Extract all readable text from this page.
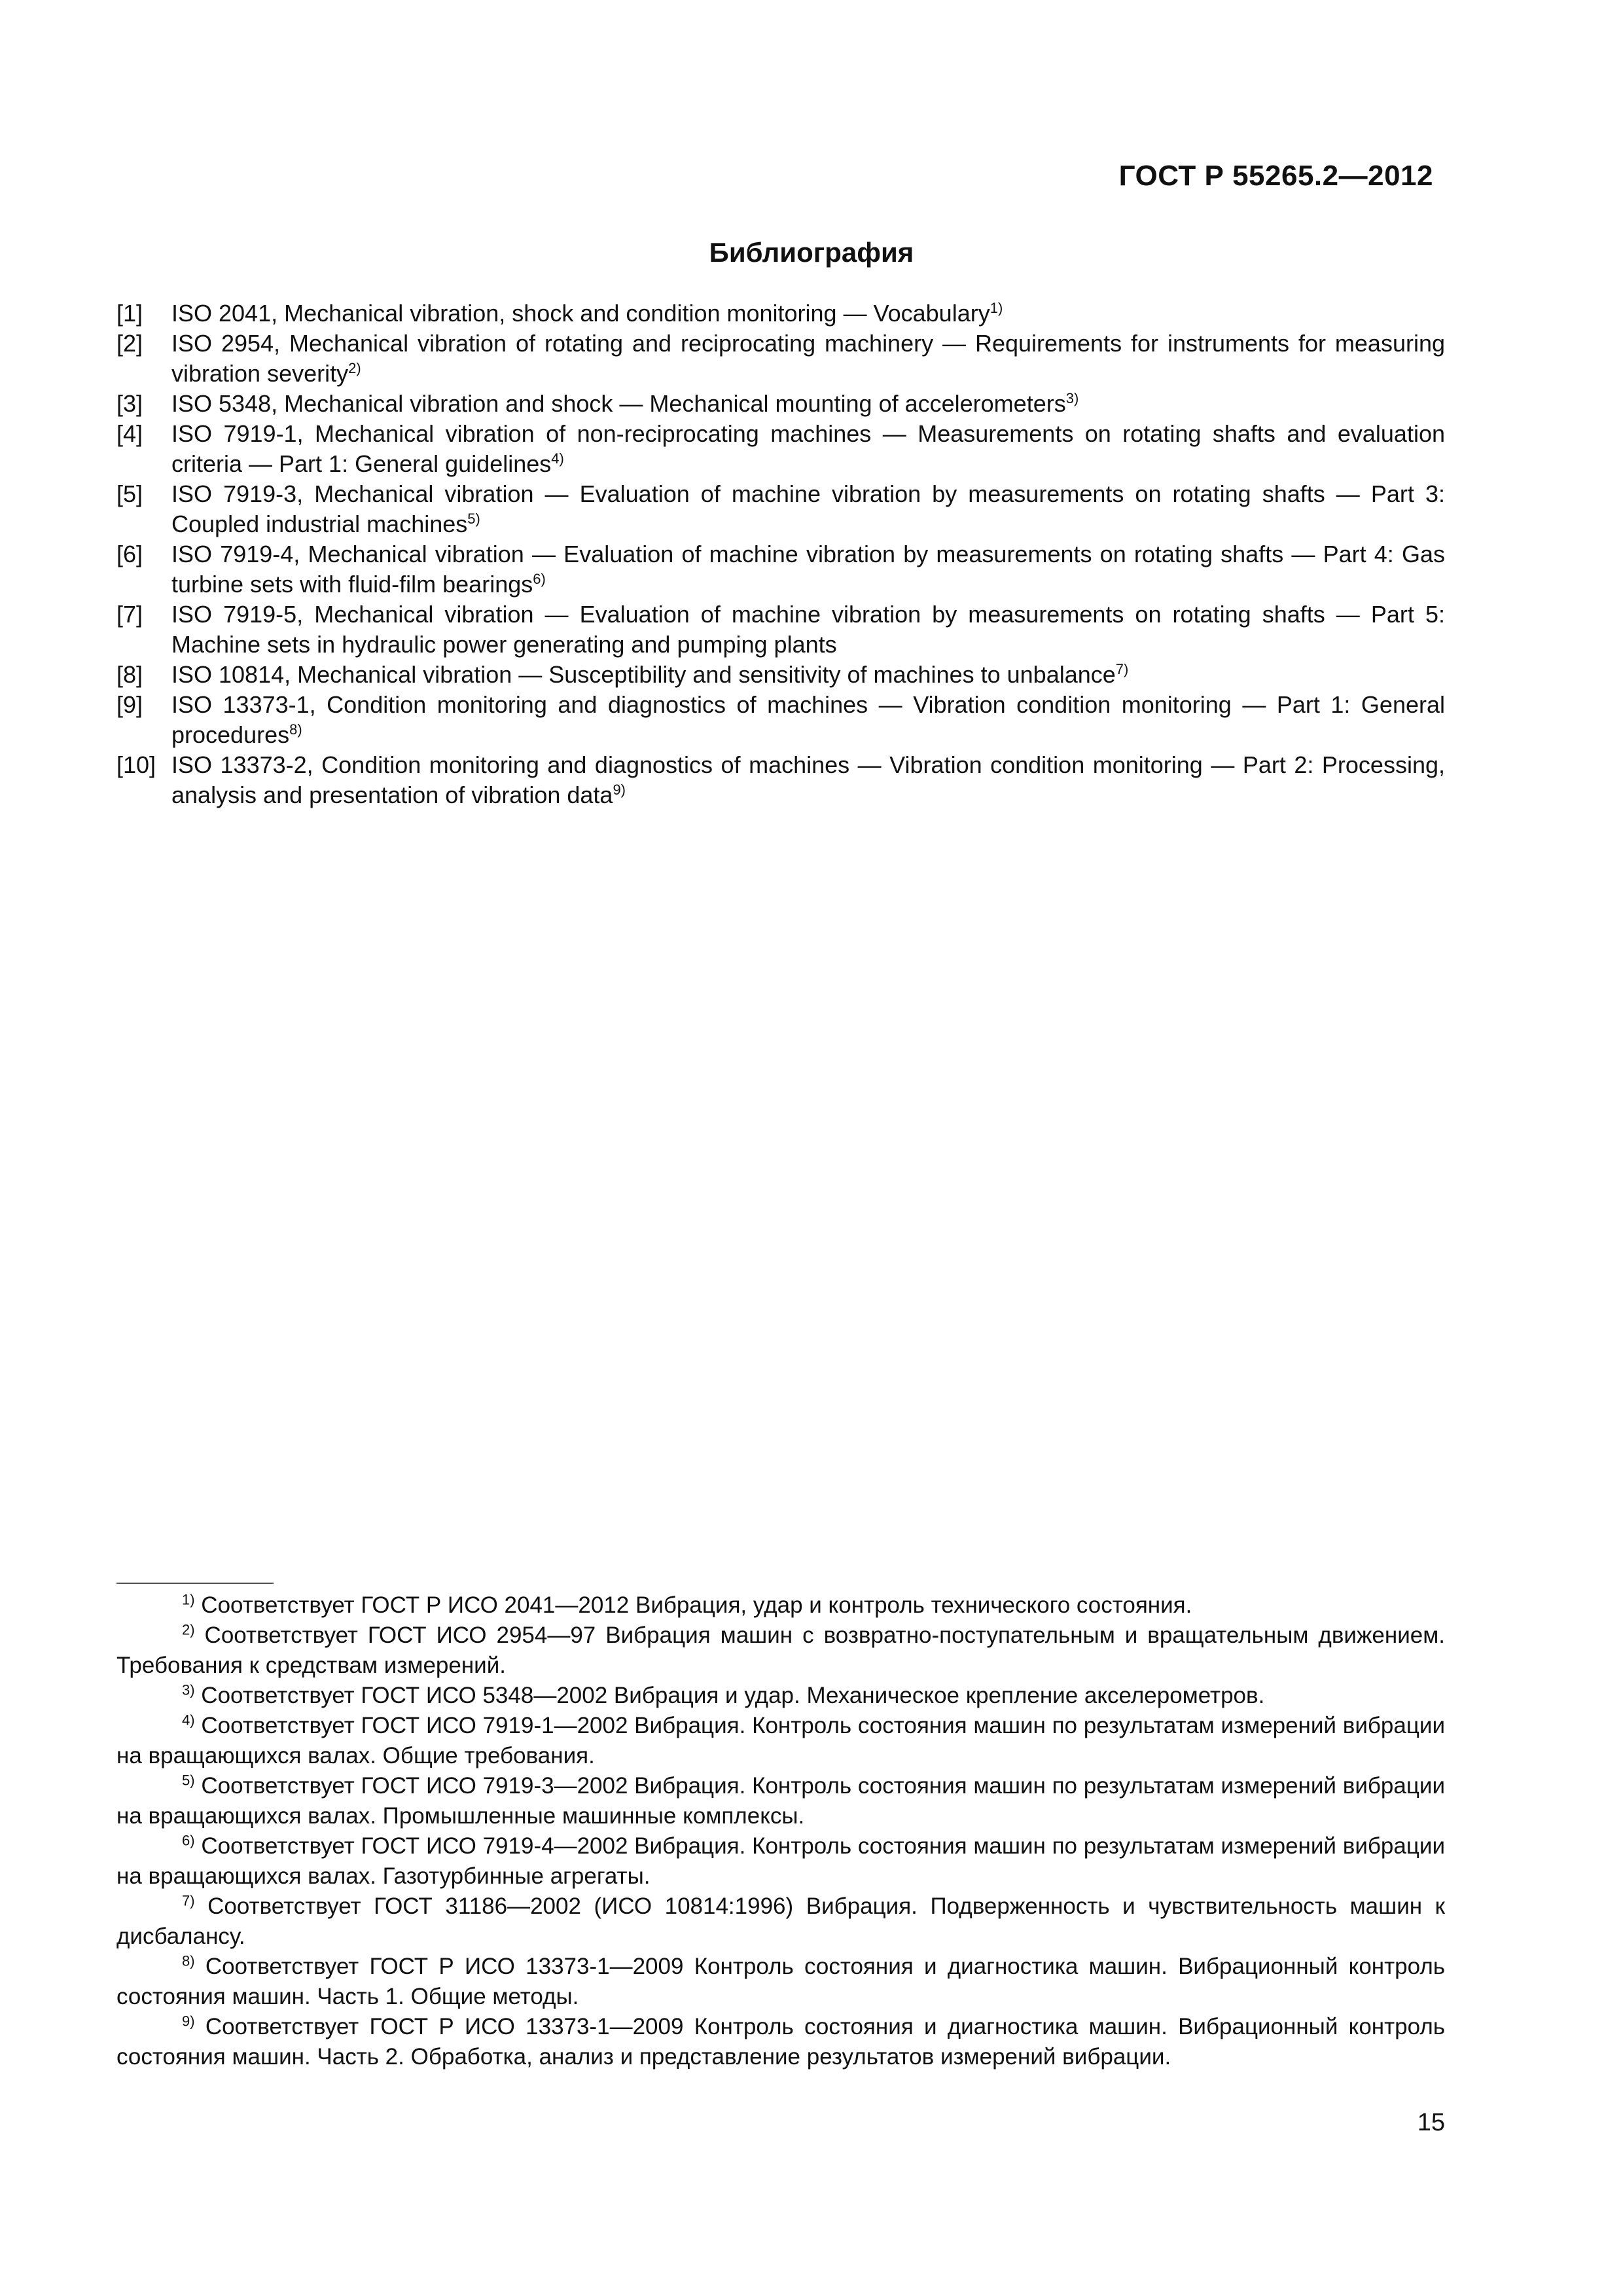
ГОСТ Р 55265.2—2012
Библиография
[1]	ISO 2041, Mechanical vibration, shock and condition monitoring — Vocabulary$^{1)}$
[2]	ISO 2954, Mechanical vibration of rotating and reciprocating machinery — Requirements for instruments for measuring vibration severity$^{2)}$
[3]	ISO 5348, Mechanical vibration and shock — Mechanical mounting of accelerometers$^{3)}$
[4]	ISO 7919-1, Mechanical vibration of non-reciprocating machines — Measurements on rotating shafts and evaluation criteria — Part 1: General guidelines$^{4)}$
[5]	ISO 7919-3, Mechanical vibration — Evaluation of machine vibration by measurements on rotating shafts — Part 3: Coupled industrial machines$^{5)}$
[6]	ISO 7919-4, Mechanical vibration — Evaluation of machine vibration by measurements on rotating shafts — Part 4: Gas turbine sets with fluid-film bearings$^{6)}$
[7]	ISO 7919-5, Mechanical vibration — Evaluation of machine vibration by measurements on rotating shafts — Part 5: Machine sets in hydraulic power generating and pumping plants
[8]	ISO 10814, Mechanical vibration — Susceptibility and sensitivity of machines to unbalance$^{7)}$
[9]	ISO 13373-1, Condition monitoring and diagnostics of machines — Vibration condition monitoring — Part 1: General procedures$^{8)}$
[10] ISO 13373-2, Condition monitoring and diagnostics of machines — Vibration condition monitoring — Part 2: Processing, analysis and presentation of vibration data$^{9)}$

$^{1)}$ Соответствует ГОСТ Р ИСО 2041—2012 Вибрация, удар и контроль технического состояния.

$^{2)}$ Соответствует ГОСТ ИСО 2954—97 Вибрация машин с возвратно-поступательным и вращательным движением. Требования к средствам измерений.

$^{3)}$ Соответствует ГОСТ ИСО 5348—2002 Вибрация и удар. Механическое крепление акселерометров.

$^{4)}$ Соответствует ГОСТ ИСО 7919-1—2002 Вибрация. Контроль состояния машин по результатам измерений вибрации на вращающихся валах. Общие требования.

$^{5)}$ Соответствует ГОСТ ИСО 7919-3—2002 Вибрация. Контроль состояния машин по результатам измерений вибрации на вращающихся валах. Промышленные машинные комплексы.

$^{6)}$ Соответствует ГОСТ ИСО 7919-4—2002 Вибрация. Контроль состояния машин по результатам измерений вибрации на вращающихся валах. Газотурбинные агрегаты.

$^{7)}$ Соответствует ГОСТ 31186—2002 (ИСО 10814:1996) Вибрация. Подверженность и чувствительность машин к дисбалансу.

$^{8)}$ Соответствует ГОСТ Р ИСО 13373-1—2009 Контроль состояния и диагностика машин. Вибрационный контроль состояния машин. Часть 1. Общие методы.

$^{9)}$ Соответствует ГОСТ Р ИСО 13373-1—2009 Контроль состояния и диагностика машин. Вибрационный контроль состояния машин. Часть 2. Обработка, анализ и представление результатов измерений вибрации.

15
